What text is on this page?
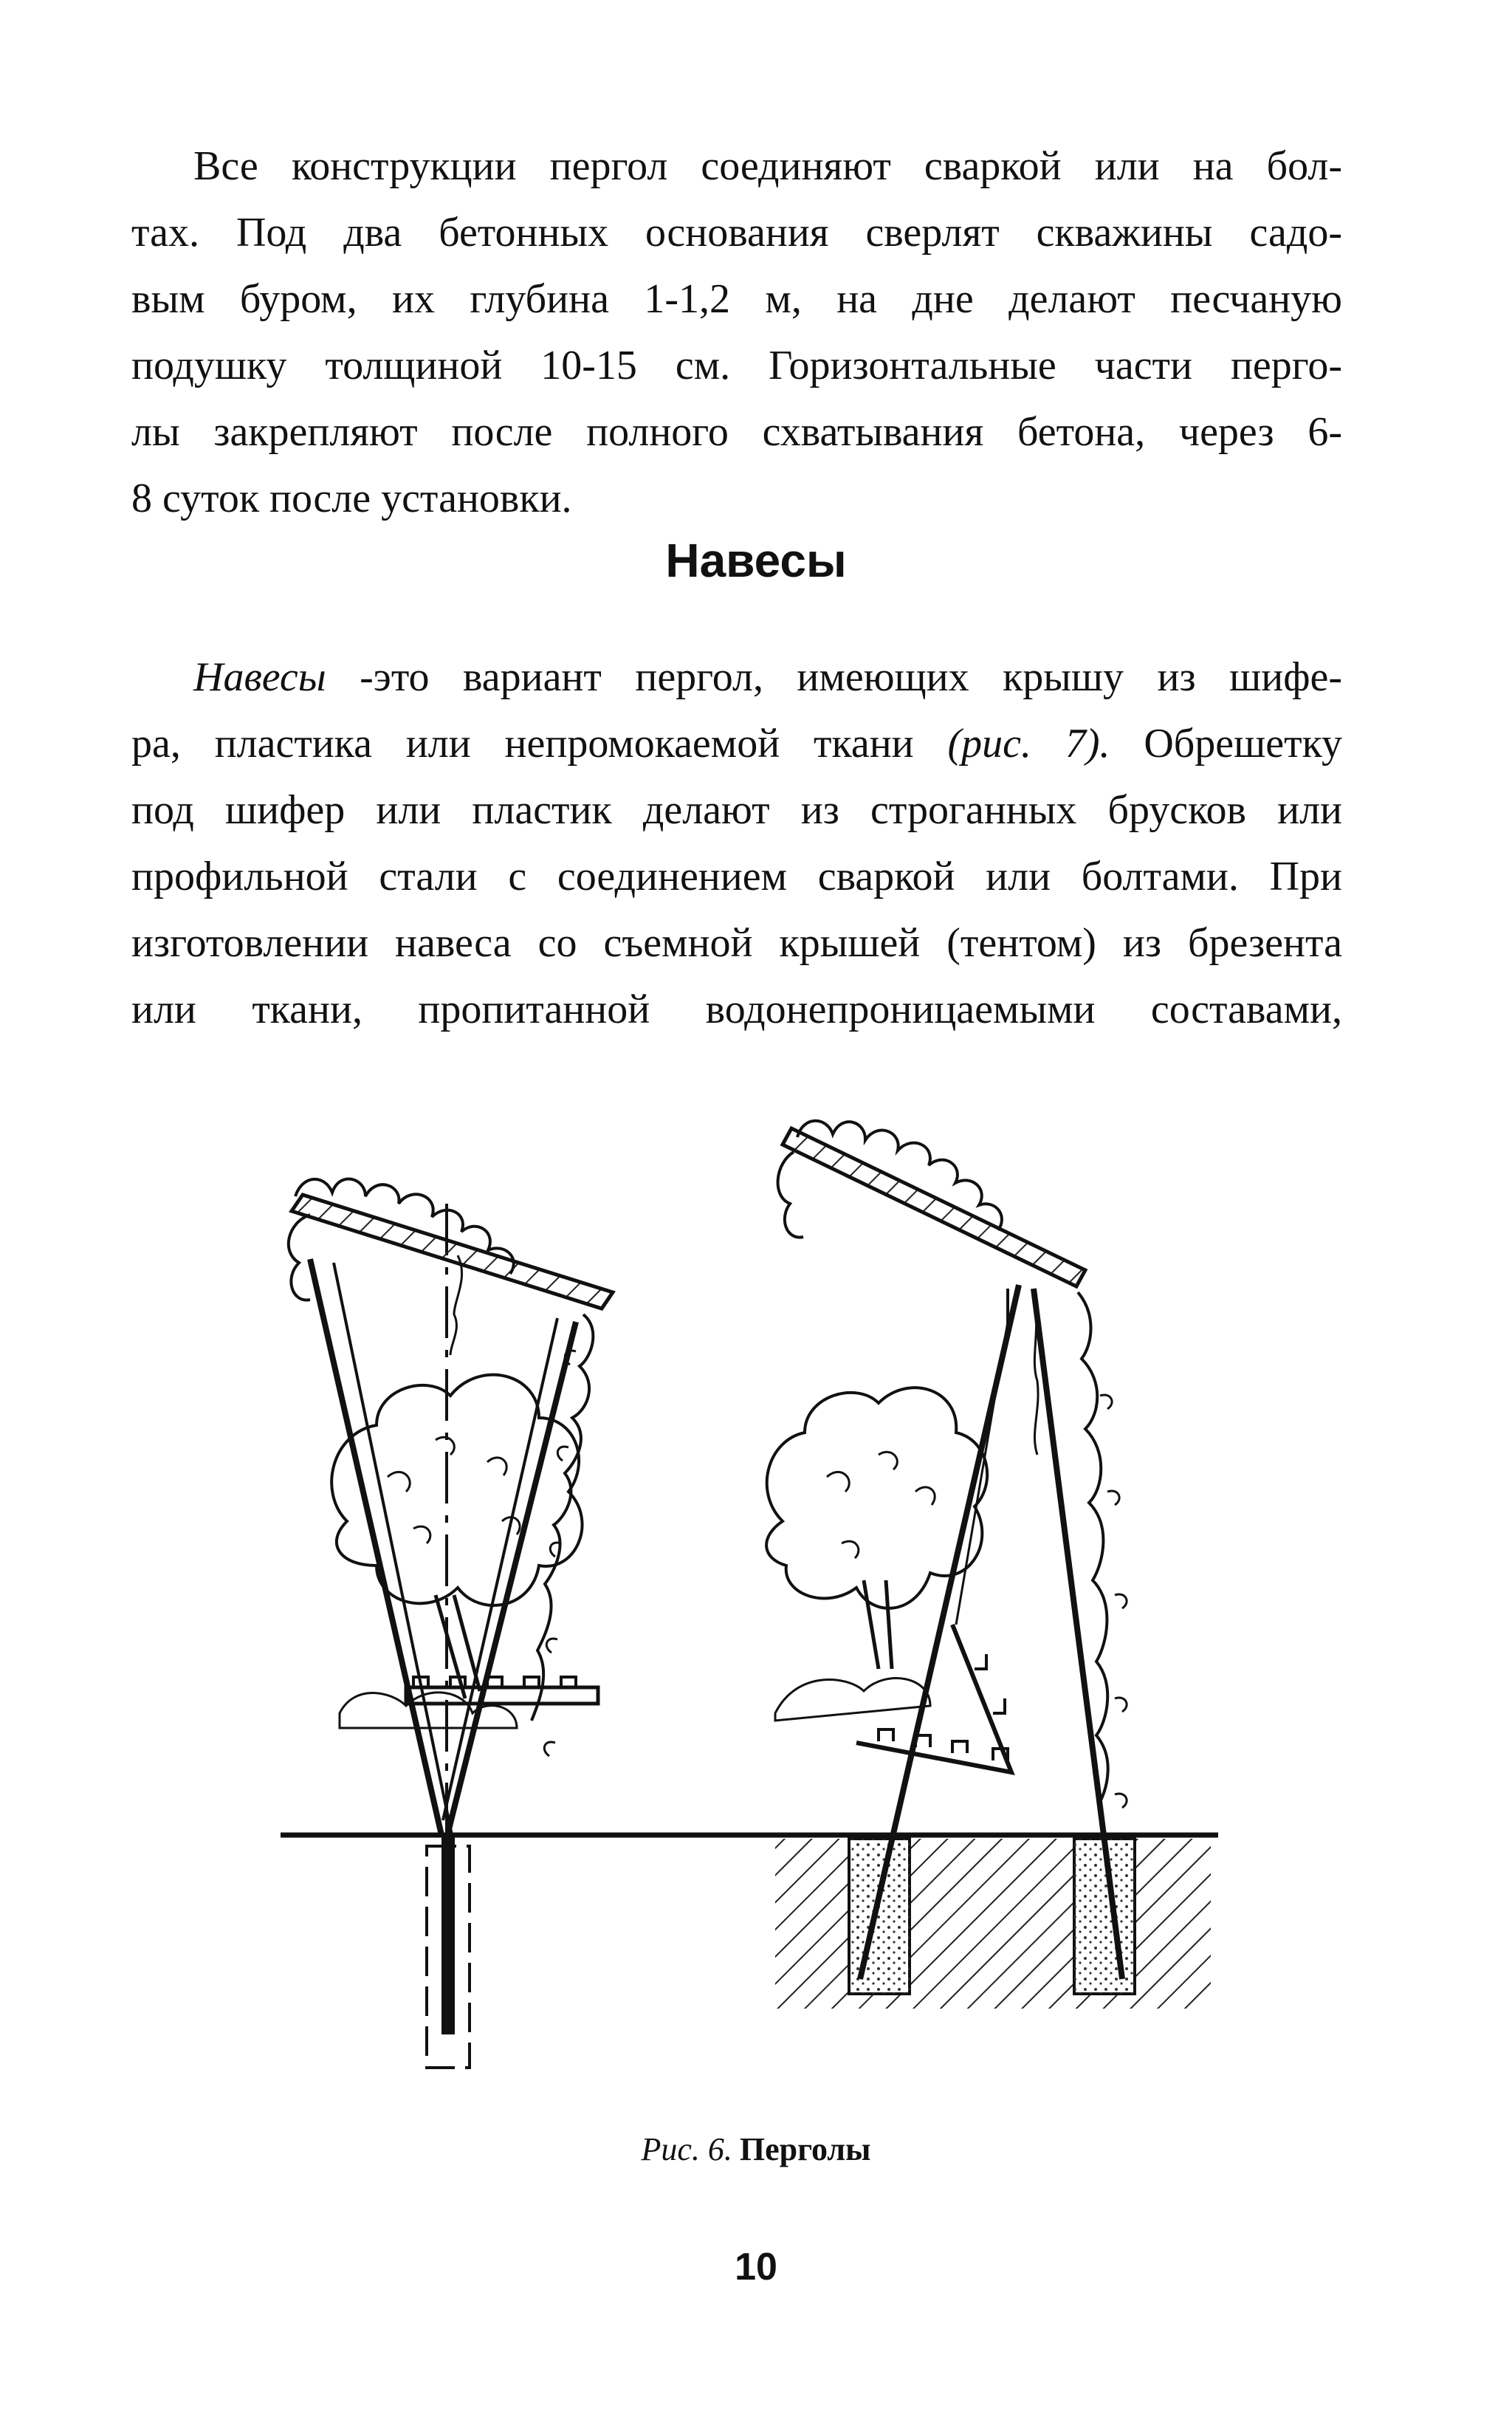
Все конструкции пергол соединяют сваркой или на бол-
тах. Под два бетонных основания сверлят скважины садо-
вым буром, их глубина 1-1,2 м, на дне делают песчаную
подушку толщиной 10-15 см. Горизонтальные части перго-
лы закрепляют после полного схватывания бетона, через 6-
8 суток после установки.

Навесы

Навесы -это вариант пергол, имеющих крышу из шифе-
ра, пластика или непромокаемой ткани (рис. 7). Обрешетку
под шифер или пластик делают из строганных брусков или
профильной стали с соединением сваркой или болтами. При
изготовлении навеса со съемной крышей (тентом) из брезента
или ткани, пропитанной водонепроницаемыми составами,

Рис. 6. Перголы
10
